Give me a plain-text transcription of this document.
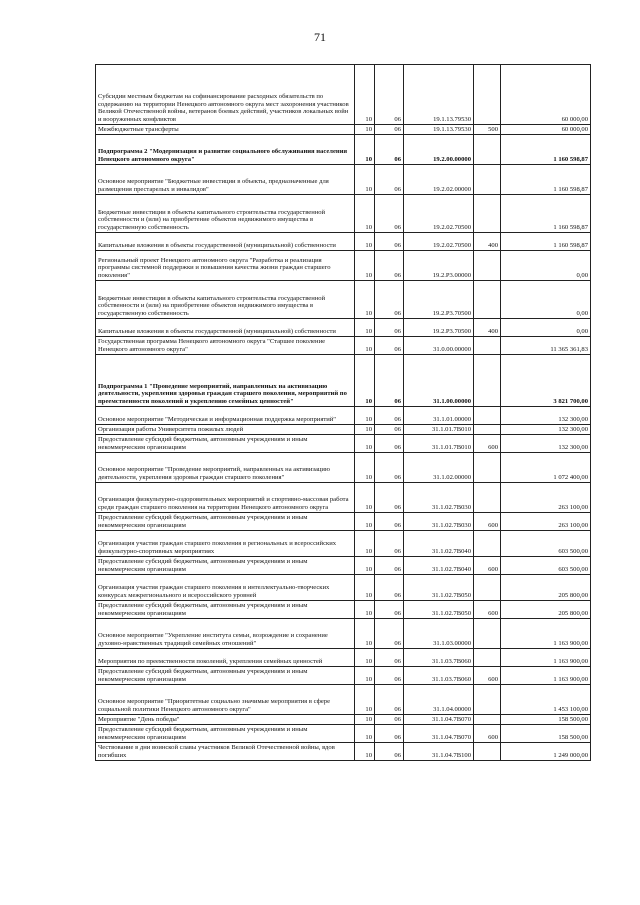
71
Субсидии местным бюджетам на софинансирование расходных обязательств по содержанию на территории Ненецкого автономного округа мест захоронения участников Великой Отечественной войны, ветеранов боевых действий, участников локальных войн и вооруженных конфликтов	10	06	19.1.13.79530		60 000,00
Межбюджетные трансферты	10	06	19.1.13.79530	500	60 000,00
Подпрограмма 2 "Модернизация и развитие социального обслуживания населения Ненецкого автономного округа"	10	06	19.2.00.00000		1 160 598,87
Основное мероприятие "Бюджетные инвестиции в объекты, предназначенные для размещения престарелых и инвалидов"	10	06	19.2.02.00000		1 160 598,87
Бюджетные инвестиции в объекты капитального строительства государственной собственности и (или) на приобретение объектов недвижимого имущества в государственную собственность	10	06	19.2.02.70500		1 160 598,87
Капитальные вложения в объекты государственной (муниципальной) собственности	10	06	19.2.02.70500	400	1 160 598,87
Региональный проект Ненецкого автономного округа "Разработка и реализация программы системной поддержки и повышения качества жизни граждан старшего поколения"	10	06	19.2.P3.00000		0,00
Бюджетные инвестиции в объекты капитального строительства государственной собственности и (или) на приобретение объектов недвижимого имущества в государственную собственность	10	06	19.2.P3.70500		0,00
Капитальные вложения в объекты государственной (муниципальной) собственности	10	06	19.2.P3.70500	400	0,00
Государственная программа Ненецкого автономного округа "Старшее поколение Ненецкого автономного округа"	10	06	31.0.00.00000		11 365 361,83
Подпрограмма 1 "Проведение мероприятий, направленных на активизацию деятельности, укрепления здоровья граждан старшего поколения, мероприятий по преемственности поколений и укреплению семейных ценностей"	10	06	31.1.00.00000		3 821 700,00
Основное мероприятие "Методическая и информационная поддержка мероприятий"	10	06	31.1.01.00000		132 300,00
Организация работы Университета пожилых людей	10	06	31.1.01.7В010		132 300,00
Предоставление субсидий бюджетным, автономным учреждениям и иным некоммерческим организациям	10	06	31.1.01.7В010	600	132 300,00
Основное мероприятие "Проведение мероприятий, направленных на активизацию деятельности, укрепления здоровья граждан старшего поколения"	10	06	31.1.02.00000		1 072 400,00
Организация физкультурно-оздоровительных мероприятий и спортивно-массовая работа среди граждан старшего поколения на территории Ненецкого автономного округа	10	06	31.1.02.7В030		263 100,00
Предоставление субсидий бюджетным, автономным учреждениям и иным некоммерческим организациям	10	06	31.1.02.7В030	600	263 100,00
Организация участия граждан старшего поколения в региональных и всероссийских физкультурно-спортивных мероприятиях	10	06	31.1.02.7В040		603 500,00
Предоставление субсидий бюджетным, автономным учреждениям и иным некоммерческим организациям	10	06	31.1.02.7В040	600	603 500,00
Организация участия граждан старшего поколения в интеллектуально-творческих конкурсах межрегионального и всероссийского уровней	10	06	31.1.02.7В050		205 800,00
Предоставление субсидий бюджетным, автономным учреждениям и иным некоммерческим организациям	10	06	31.1.02.7В050	600	205 800,00
Основное мероприятие "Укрепление института семьи, возрождение и сохранение духовно-нравственных традиций семейных отношений"	10	06	31.1.03.00000		1 163 900,00
Мероприятия по преемственности поколений, укрепления семейных ценностей	10	06	31.1.03.7В060		1 163 900,00
Предоставление субсидий бюджетным, автономным учреждениям и иным некоммерческим организациям	10	06	31.1.03.7В060	600	1 163 900,00
Основное мероприятие "Приоритетные социально значимые мероприятия в сфере социальной политики Ненецкого автономного округа"	10	06	31.1.04.00000		1 453 100,00
Мероприятие "День победы"	10	06	31.1.04.7В070		158 500,00
Предоставление субсидий бюджетным, автономным учреждениям и иным некоммерческим организациям	10	06	31.1.04.7В070	600	158 500,00
Чествование в дни воинской славы участников Великой Отечественной войны, вдов погибших	10	06	31.1.04.7В100		1 249 000,00
